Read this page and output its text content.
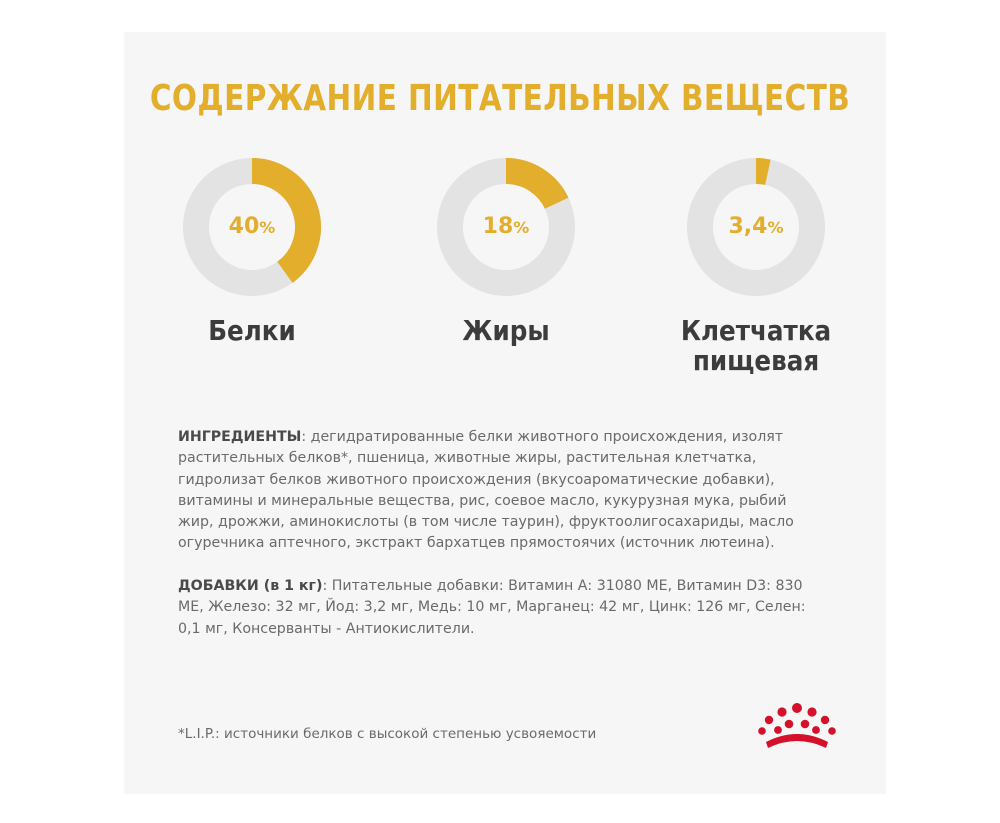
СОДЕРЖАНИЕ ПИТАТЕЛЬНЫХ ВЕЩЕСТВ
40%
Белки
18%
Жиры
3,4%
Клетчатка
пищевая
ИНГРЕДИЕНТЫ: дегидратированные белки животного происхождения, изолят растительных белков*, пшеница, животные жиры, растительная клетчатка, гидролизат белков животного происхождения (вкусоароматические добавки), витамины и минеральные вещества, рис, соевое масло, кукурузная мука, рыбий жир, дрожжи, аминокислоты (в том числе таурин), фруктоолигосахариды, масло огуречника аптечного, экстракт бархатцев прямостоячих (источник лютеина).
ДОБАВКИ (в 1 кг): Питательные добавки: Витамин А: 31080 МЕ, Витамин D3: 830 МЕ, Железо: 32 мг, Йод: 3,2 мг, Медь: 10 мг, Марганец: 42 мг, Цинк: 126 мг, Селен: 0,1 мг, Консерванты - Антиокислители.
*L.I.P.: источники белков с высокой степенью усвояемости
